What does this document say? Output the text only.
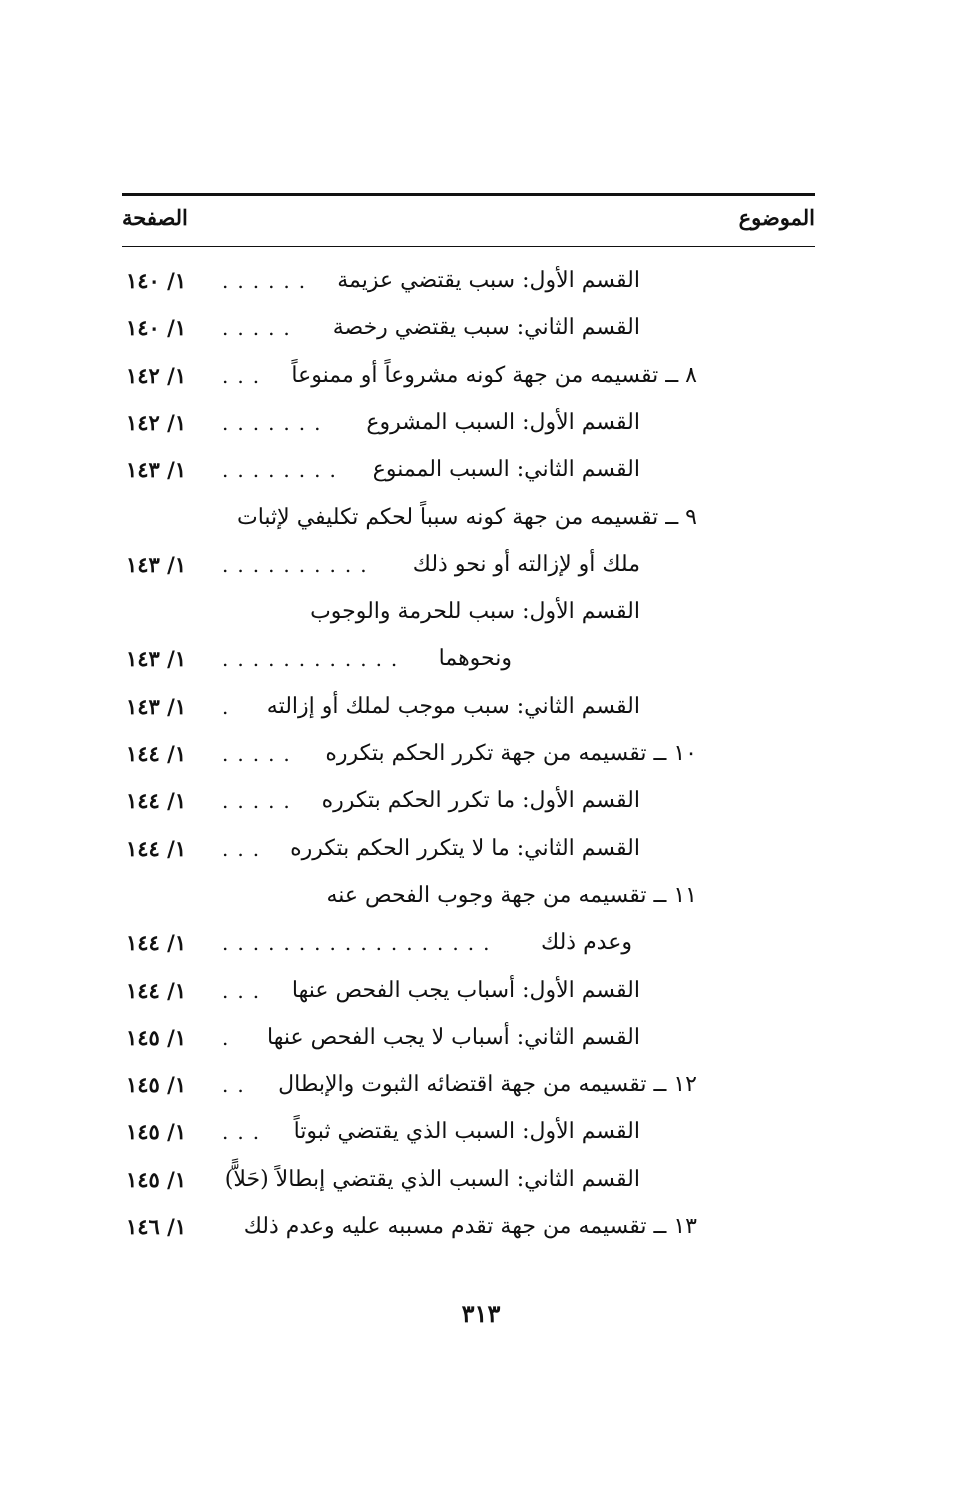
الموضوع
الصفحة
القسم الأول: سبب يقتضي عزيمة
......
١/ ١٤٠
القسم الثاني: سبب يقتضي رخصة
.....
١/ ١٤٠
٨ ــ تقسيمه من جهة كونه مشروعاً أو ممنوعاً
...
١/ ١٤٢
القسم الأول: السبب المشروع
.......
١/ ١٤٢
القسم الثاني: السبب الممنوع
........
١/ ١٤٣
٩ ــ تقسيمه من جهة كونه سبباً لحكم تكليفي لإثبات
ملك أو لإزالته أو نحو ذلك
..........
١/ ١٤٣
القسم الأول: سبب للحرمة والوجوب
ونحوهما
............
١/ ١٤٣
القسم الثاني: سبب موجب لملك أو إزالته
.
١/ ١٤٣
١٠ ــ تقسيمه من جهة تكرر الحكم بتكرره
.....
١/ ١٤٤
القسم الأول: ما تكرر الحكم بتكرره
.....
١/ ١٤٤
القسم الثاني: ما لا يتكرر الحكم بتكرره
...
١/ ١٤٤
١١ ــ تقسيمه من جهة وجوب الفحص عنه
وعدم ذلك
..................
١/ ١٤٤
القسم الأول: أسباب يجب الفحص عنها
...
١/ ١٤٤
القسم الثاني: أسباب لا يجب الفحص عنها
.
١/ ١٤٥
١٢ ــ تقسيمه من جهة اقتضائه الثبوت والإبطال
..
١/ ١٤٥
القسم الأول: السبب الذي يقتضي ثبوتاً
...
١/ ١٤٥
القسم الثاني: السبب الذي يقتضي إبطالاً (حَلاًّ)
١/ ١٤٥
١٣ ــ تقسيمه من جهة تقدم مسببه عليه وعدم ذلك
١/ ١٤٦
٣١٣
